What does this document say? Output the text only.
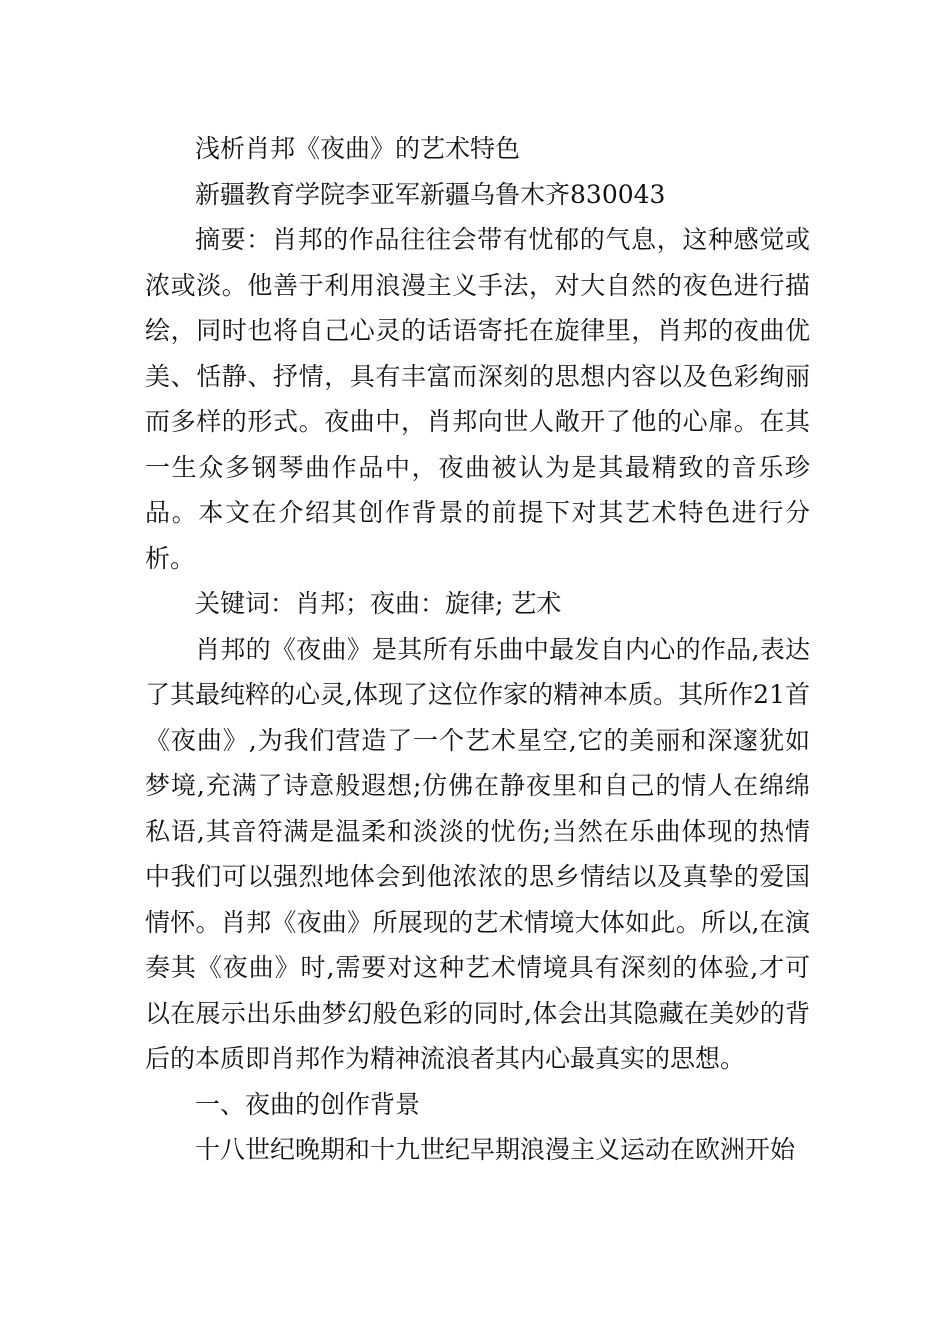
浅析肖邦《夜曲》的艺术特色

新疆教育学院李亚军新疆乌鲁木齐830043

摘要：肖邦的作品往往会带有忧郁的气息，这种感觉或浓或淡。他善于利用浪漫主义手法，对大自然的夜色进行描绘，同时也将自己心灵的话语寄托在旋律里，肖邦的夜曲优美、恬静、抒情，具有丰富而深刻的思想内容以及色彩绚丽而多样的形式。夜曲中，肖邦向世人敞开了他的心扉。在其一生众多钢琴曲作品中，夜曲被认为是其最精致的音乐珍品。本文在介绍其创作背景的前提下对其艺术特色进行分析。

关键词：肖邦；夜曲：旋律; 艺术

肖邦的《夜曲》是其所有乐曲中最发自内心的作品,表达了其最纯粹的心灵,体现了这位作家的精神本质。其所作21首《夜曲》,为我们营造了一个艺术星空,它的美丽和深邃犹如梦境,充满了诗意般遐想;仿佛在静夜里和自己的情人在绵绵私语,其音符满是温柔和淡淡的忧伤;当然在乐曲体现的热情中我们可以强烈地体会到他浓浓的思乡情结以及真挚的爱国情怀。肖邦《夜曲》所展现的艺术情境大体如此。所以,在演奏其《夜曲》时,需要对这种艺术情境具有深刻的体验,才可以在展示出乐曲梦幻般色彩的同时,体会出其隐藏在美妙的背后的本质即肖邦作为精神流浪者其内心最真实的思想。

一、夜曲的创作背景

十八世纪晚期和十九世纪早期浪漫主义运动在欧洲开始
